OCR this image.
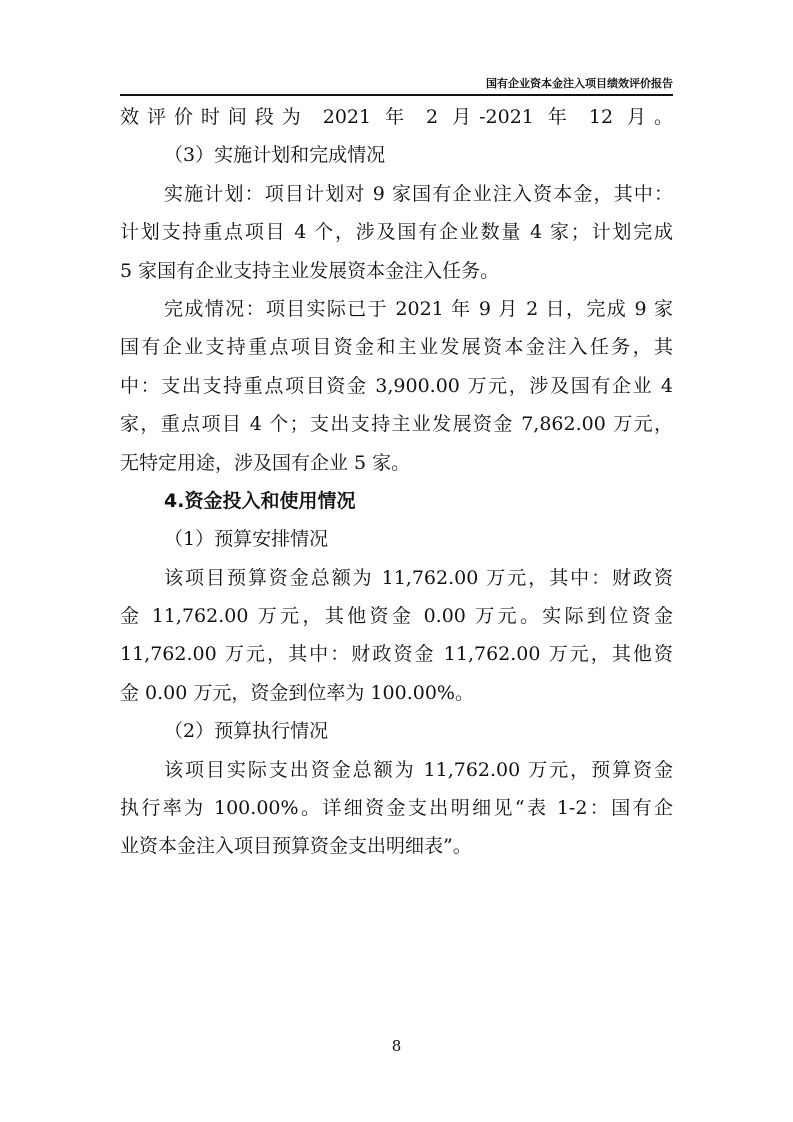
国有企业资本金注入项目绩效评价报告
效评价时间段为 2021 年 2 月-2021 年 12 月。
（3）实施计划和完成情况
实施计划：项目计划对 9 家国有企业注入资本金，其中：
计划支持重点项目 4 个，涉及国有企业数量 4 家；计划完成
5 家国有企业支持主业发展资本金注入任务。
完成情况：项目实际已于 2021 年 9 月 2 日，完成 9 家
国有企业支持重点项目资金和主业发展资本金注入任务，其
中：支出支持重点项目资金 3,900.00 万元，涉及国有企业 4
家，重点项目 4 个；支出支持主业发展资金 7,862.00 万元，
无特定用途，涉及国有企业 5 家。
4.资金投入和使用情况
（1）预算安排情况
该项目预算资金总额为 11,762.00 万元，其中：财政资
金 11,762.00 万元，其他资金 0.00 万元。实际到位资金
11,762.00 万元，其中：财政资金 11,762.00 万元，其他资
金 0.00 万元，资金到位率为 100.00%。
（2）预算执行情况
该项目实际支出资金总额为 11,762.00 万元，预算资金
执行率为 100.00%。详细资金支出明细见“表 1-2：国有企
业资本金注入项目预算资金支出明细表”。
8
